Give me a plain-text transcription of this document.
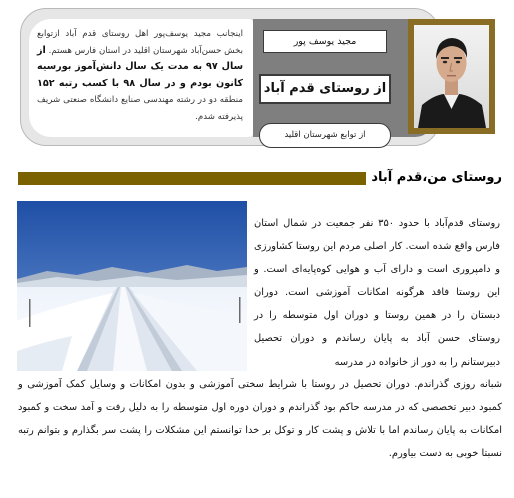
اینجانب مجید یوسف‌پور اهل روستای قدم آباد ازتوابع بخش حسن‌آباد شهرستان اقلید در استان فارس هستم. از سال ۹۷ به مدت یک سال دانش‌آموز بورسیه کانون بودم و در سال ۹۸ با کسب رتبه ۱۵۲ منطقه دو در رشته مهندسی صنایع دانشگاه صنعتی شریف پذیرفته شدم.
مجید یوسف پور
از روستای قدم آباد
از توابع شهرستان اقلید
روستای من،قدم آباد

روستای قدم‌آباد با حدود ۳۵۰ نفر جمعیت در شمال استان فارس واقع شده است. کار اصلی مردم این روستا کشاورزی و دامپروری است و دارای آب و هوایی کوه‌پایه‌ای است. و این روستا فاقد هرگونه امکانات آموزشی است. دوران دبستان را در همین روستا و دوران اول متوسطه را در روستای حسن آباد به پایان رساندم و دوران تحصیل دبیرستانم را به دور از خانواده در مدرسه

شبانه روزی گذراندم. دوران تحصیل در روستا با شرایط سختی آموزشی و بدون امکانات و وسایل کمک آموزشی و کمبود دبیر تخصصی که در مدرسه حاکم بود گذراندم و دوران دوره اول متوسطه را به دلیل رفت و آمد سخت و کمبود امکانات به پایان رساندم اما با تلاش و پشت کار و توکل بر خدا توانستم این مشکلات را پشت سر بگذارم و بتوانم رتبه نسبتا خوبی به دست بیاورم.
